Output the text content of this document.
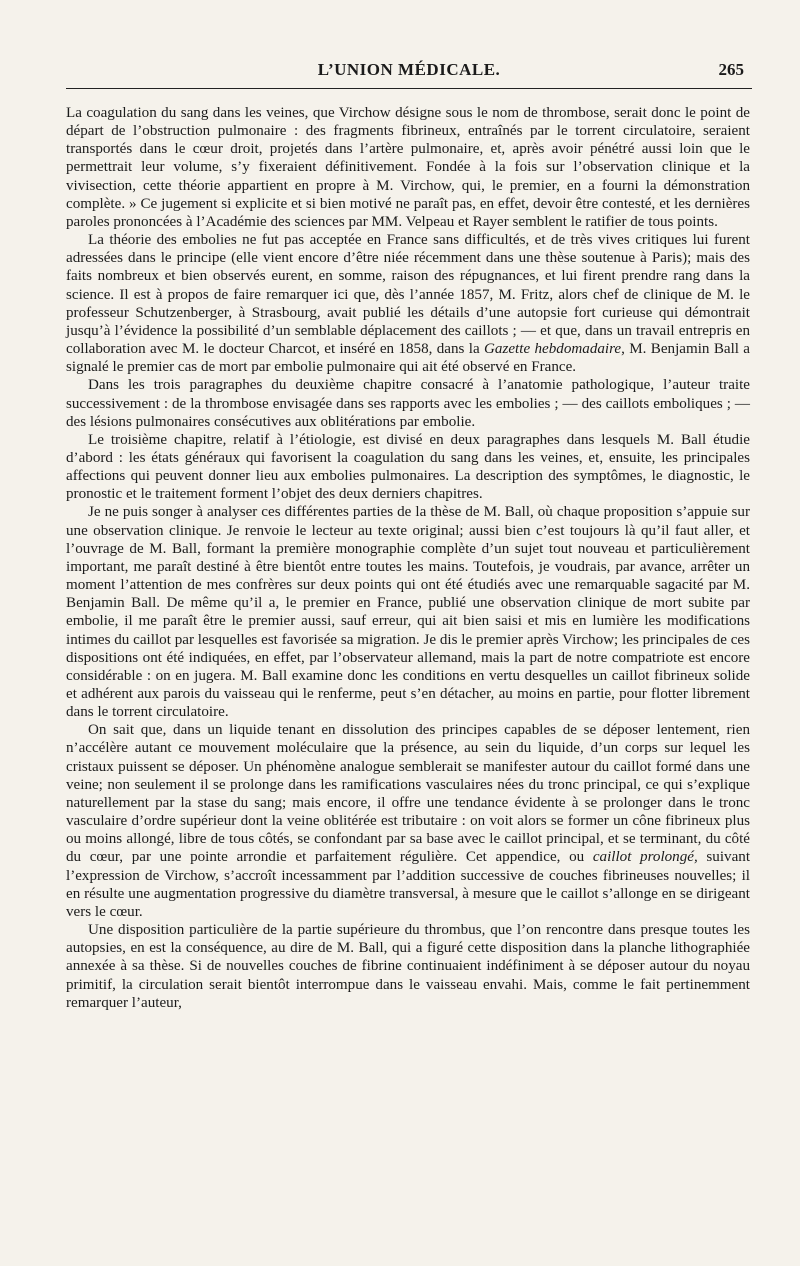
L’UNION MÉDICALE.	265

La coagulation du sang dans les veines, que Virchow désigne sous le nom de thrombose, serait donc le point de départ de l’obstruction pulmonaire : des fragments fibrineux, entraînés par le torrent circulatoire, seraient transportés dans le cœur droit, projetés dans l’artère pulmonaire, et, après avoir pénétré aussi loin que le permettrait leur volume, s’y fixeraient définitivement. Fondée à la fois sur l’observation clinique et la vivisection, cette théorie appartient en propre à M. Virchow, qui, le premier, en a fourni la démonstration complète. » Ce jugement si explicite et si bien motivé ne paraît pas, en effet, devoir être contesté, et les dernières paroles prononcées à l’Académie des sciences par MM. Velpeau et Rayer semblent le ratifier de tous points.

La théorie des embolies ne fut pas acceptée en France sans difficultés, et de très vives critiques lui furent adressées dans le principe (elle vient encore d’être niée récemment dans une thèse soutenue à Paris); mais des faits nombreux et bien observés eurent, en somme, raison des répugnances, et lui firent prendre rang dans la science. Il est à propos de faire remarquer ici que, dès l’année 1857, M. Fritz, alors chef de clinique de M. le professeur Schutzenberger, à Strasbourg, avait publié les détails d’une autopsie fort curieuse qui démontrait jusqu’à l’évidence la possibilité d’un semblable déplacement des caillots ; — et que, dans un travail entrepris en collaboration avec M. le docteur Charcot, et inséré en 1858, dans la Gazette hebdomadaire, M. Benjamin Ball a signalé le premier cas de mort par embolie pulmonaire qui ait été observé en France.

Dans les trois paragraphes du deuxième chapitre consacré à l’anatomie pathologique, l’auteur traite successivement : de la thrombose envisagée dans ses rapports avec les embolies ; — des caillots emboliques ; — des lésions pulmonaires consécutives aux oblitérations par embolie.

Le troisième chapitre, relatif à l’étiologie, est divisé en deux paragraphes dans lesquels M. Ball étudie d’abord : les états généraux qui favorisent la coagulation du sang dans les veines, et, ensuite, les principales affections qui peuvent donner lieu aux embolies pulmonaires. La description des symptômes, le diagnostic, le pronostic et le traitement forment l’objet des deux derniers chapitres.

Je ne puis songer à analyser ces différentes parties de la thèse de M. Ball, où chaque proposition s’appuie sur une observation clinique. Je renvoie le lecteur au texte original; aussi bien c’est toujours là qu’il faut aller, et l’ouvrage de M. Ball, formant la première monographie complète d’un sujet tout nouveau et particulièrement important, me paraît destiné à être bientôt entre toutes les mains. Toutefois, je voudrais, par avance, arrêter un moment l’attention de mes confrères sur deux points qui ont été étudiés avec une remarquable sagacité par M. Benjamin Ball. De même qu’il a, le premier en France, publié une observation clinique de mort subite par embolie, il me paraît être le premier aussi, sauf erreur, qui ait bien saisi et mis en lumière les modifications intimes du caillot par lesquelles est favorisée sa migration. Je dis le premier après Virchow; les principales de ces dispositions ont été indiquées, en effet, par l’observateur allemand, mais la part de notre compatriote est encore considérable : on en jugera. M. Ball examine donc les conditions en vertu desquelles un caillot fibrineux solide et adhérent aux parois du vaisseau qui le renferme, peut s’en détacher, au moins en partie, pour flotter librement dans le torrent circulatoire.

On sait que, dans un liquide tenant en dissolution des principes capables de se déposer lentement, rien n’accélère autant ce mouvement moléculaire que la présence, au sein du liquide, d’un corps sur lequel les cristaux puissent se déposer. Un phénomène analogue semblerait se manifester autour du caillot formé dans une veine; non seulement il se prolonge dans les ramifications vasculaires nées du tronc principal, ce qui s’explique naturellement par la stase du sang; mais encore, il offre une tendance évidente à se prolonger dans le tronc vasculaire d’ordre supérieur dont la veine oblitérée est tributaire : on voit alors se former un cône fibrineux plus ou moins allongé, libre de tous côtés, se confondant par sa base avec le caillot principal, et se terminant, du côté du cœur, par une pointe arrondie et parfaitement régulière. Cet appendice, ou caillot prolongé, suivant l’expression de Virchow, s’accroît incessamment par l’addition successive de couches fibrineuses nouvelles; il en résulte une augmentation progressive du diamètre transversal, à mesure que le caillot s’allonge en se dirigeant vers le cœur.

Une disposition particulière de la partie supérieure du thrombus, que l’on rencontre dans presque toutes les autopsies, en est la conséquence, au dire de M. Ball, qui a figuré cette disposition dans la planche lithographiée annexée à sa thèse. Si de nouvelles couches de fibrine continuaient indéfiniment à se déposer autour du noyau primitif, la circulation serait bientôt interrompue dans le vaisseau envahi. Mais, comme le fait pertinemment remarquer l’auteur,
